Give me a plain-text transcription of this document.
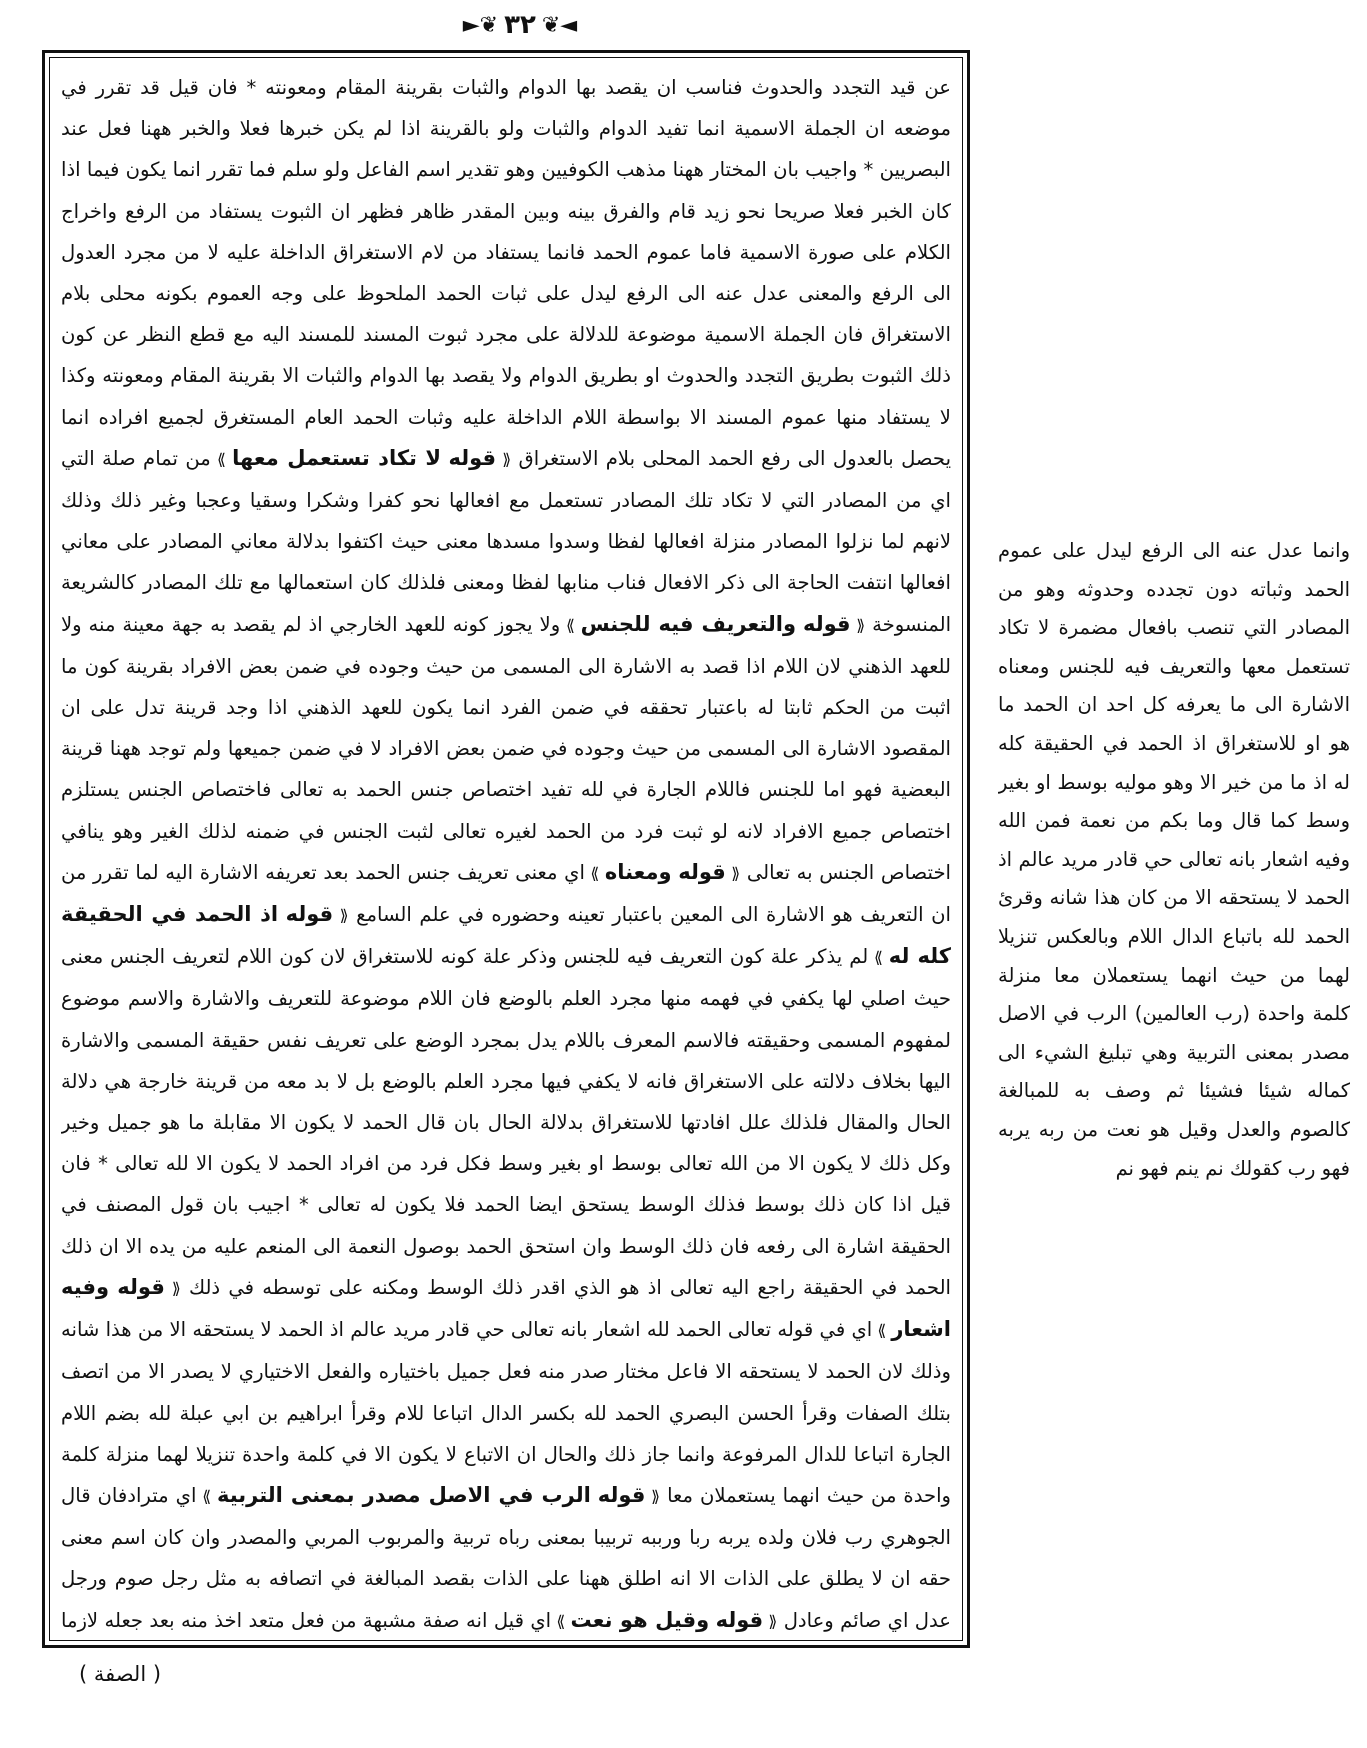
◄❦
٣٢
❦►
عن قيد التجدد والحدوث فناسب ان يقصد بها الدوام والثبات بقرينة المقام ومعونته * فان قيل قد تقرر في موضعه ان الجملة الاسمية انما تفيد الدوام والثبات ولو بالقرينة اذا لم يكن خبرها فعلا والخبر ههنا فعل عند البصريين * واجيب بان المختار ههنا مذهب الكوفيين وهو تقدير اسم الفاعل ولو سلم فما تقرر انما يكون فيما اذا كان الخبر فعلا صريحا نحو زيد قام والفرق بينه وبين المقدر ظاهر فظهر ان الثبوت يستفاد من الرفع واخراج الكلام على صورة الاسمية فاما عموم الحمد فانما يستفاد من لام الاستغراق الداخلة عليه لا من مجرد العدول الى الرفع والمعنى عدل عنه الى الرفع ليدل على ثبات الحمد الملحوظ على وجه العموم بكونه محلى بلام الاستغراق فان الجملة الاسمية موضوعة للدلالة على مجرد ثبوت المسند للمسند اليه مع قطع النظر عن كون ذلك الثبوت بطريق التجدد والحدوث او بطريق الدوام ولا يقصد بها الدوام والثبات الا بقرينة المقام ومعونته وكذا لا يستفاد منها عموم المسند الا بواسطة اللام الداخلة عليه وثبات الحمد العام المستغرق لجميع افراده انما يحصل بالعدول الى رفع الحمد المحلى بلام الاستغراق ⟪ قوله لا تكاد تستعمل معها ⟫ من تمام صلة التي اي من المصادر التي لا تكاد تلك المصادر تستعمل مع افعالها نحو كفرا وشكرا وسقيا وعجبا وغير ذلك وذلك لانهم لما نزلوا المصادر منزلة افعالها لفظا وسدوا مسدها معنى حيث اكتفوا بدلالة معاني المصادر على معاني افعالها انتفت الحاجة الى ذكر الافعال فناب منابها لفظا ومعنى فلذلك كان استعمالها مع تلك المصادر كالشريعة المنسوخة ⟪ قوله والتعريف فيه للجنس ⟫ ولا يجوز كونه للعهد الخارجي اذ لم يقصد به جهة معينة منه ولا للعهد الذهني لان اللام اذا قصد به الاشارة الى المسمى من حيث وجوده في ضمن بعض الافراد بقرينة كون ما اثبت من الحكم ثابتا له باعتبار تحققه في ضمن الفرد انما يكون للعهد الذهني اذا وجد قرينة تدل على ان المقصود الاشارة الى المسمى من حيث وجوده في ضمن بعض الافراد لا في ضمن جميعها ولم توجد ههنا قرينة البعضية فهو اما للجنس فاللام الجارة في لله تفيد اختصاص جنس الحمد به تعالى فاختصاص الجنس يستلزم اختصاص جميع الافراد لانه لو ثبت فرد من الحمد لغيره تعالى لثبت الجنس في ضمنه لذلك الغير وهو ينافي اختصاص الجنس به تعالى ⟪ قوله ومعناه ⟫ اي معنى تعريف جنس الحمد بعد تعريفه الاشارة اليه لما تقرر من ان التعريف هو الاشارة الى المعين باعتبار تعينه وحضوره في علم السامع ⟪ قوله اذ الحمد في الحقيقة كله له ⟫ لم يذكر علة كون التعريف فيه للجنس وذكر علة كونه للاستغراق لان كون اللام لتعريف الجنس معنى حيث اصلي لها يكفي في فهمه منها مجرد العلم بالوضع فان اللام موضوعة للتعريف والاشارة والاسم موضوع لمفهوم المسمى وحقيقته فالاسم المعرف باللام يدل بمجرد الوضع على تعريف نفس حقيقة المسمى والاشارة اليها بخلاف دلالته على الاستغراق فانه لا يكفي فيها مجرد العلم بالوضع بل لا بد معه من قرينة خارجة هي دلالة الحال والمقال فلذلك علل افادتها للاستغراق بدلالة الحال بان قال الحمد لا يكون الا مقابلة ما هو جميل وخير وكل ذلك لا يكون الا من الله تعالى بوسط او بغير وسط فكل فرد من افراد الحمد لا يكون الا لله تعالى * فان قيل اذا كان ذلك بوسط فذلك الوسط يستحق ايضا الحمد فلا يكون له تعالى * اجيب بان قول المصنف في الحقيقة اشارة الى رفعه فان ذلك الوسط وان استحق الحمد بوصول النعمة الى المنعم عليه من يده الا ان ذلك الحمد في الحقيقة راجع اليه تعالى اذ هو الذي اقدر ذلك الوسط ومكنه على توسطه في ذلك ⟪ قوله وفيه اشعار ⟫ اي في قوله تعالى الحمد لله اشعار بانه تعالى حي قادر مريد عالم اذ الحمد لا يستحقه الا من هذا شانه وذلك لان الحمد لا يستحقه الا فاعل مختار صدر منه فعل جميل باختياره والفعل الاختياري لا يصدر الا من اتصف بتلك الصفات وقرأ الحسن البصري الحمد لله بكسر الدال اتباعا للام وقرأ ابراهيم بن ابي عبلة لله بضم اللام الجارة اتباعا للدال المرفوعة وانما جاز ذلك والحال ان الاتباع لا يكون الا في كلمة واحدة تنزيلا لهما منزلة كلمة واحدة من حيث انهما يستعملان معا ⟪ قوله الرب في الاصل مصدر بمعنى التربية ⟫ اي مترادفان قال الجوهري رب فلان ولده يربه ربا ورببه تربيبا بمعنى رباه تربية والمربوب المربي والمصدر وان كان اسم معنى حقه ان لا يطلق على الذات الا انه اطلق ههنا على الذات بقصد المبالغة في اتصافه به مثل رجل صوم ورجل عدل اي صائم وعادل ⟪ قوله وقيل هو نعت ⟫ اي قيل انه صفة مشبهة من فعل متعد اخذ منه بعد جعله لازما
وانما عدل عنه الى الرفع ليدل على عموم الحمد وثباته دون تجدده وحدوثه وهو من المصادر التي تنصب بافعال مضمرة لا تكاد تستعمل معها والتعريف فيه للجنس ومعناه الاشارة الى ما يعرفه كل احد ان الحمد ما هو او للاستغراق اذ الحمد في الحقيقة كله له اذ ما من خير الا وهو موليه بوسط او بغير وسط كما قال وما بكم من نعمة فمن الله وفيه اشعار بانه تعالى حي قادر مريد عالم اذ الحمد لا يستحقه الا من كان هذا شانه وقرئ الحمد لله باتباع الدال اللام وبالعكس تنزيلا لهما من حيث انهما يستعملان معا منزلة كلمة واحدة (رب العالمين) الرب في الاصل مصدر بمعنى التربية وهي تبليغ الشيء الى كماله شيئا فشيئا ثم وصف به للمبالغة كالصوم والعدل وقيل هو نعت من ربه يربه فهو رب كقولك نم ينم فهو نم
( الصفة )
